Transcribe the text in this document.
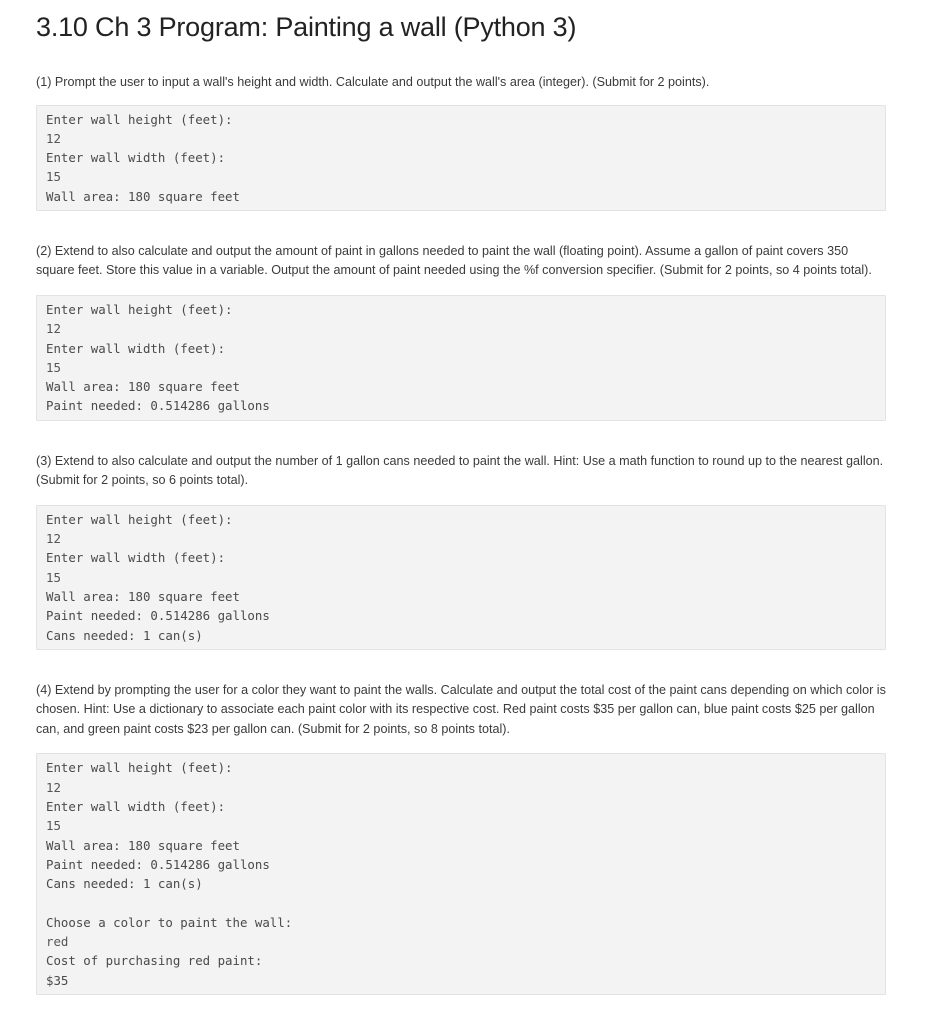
3.10 Ch 3 Program: Painting a wall (Python 3)

(1) Prompt the user to input a wall's height and width. Calculate and output the wall's area (integer). (Submit for 2 points).

Enter wall height (feet):
12
Enter wall width (feet):
15
Wall area: 180 square feet

(2) Extend to also calculate and output the amount of paint in gallons needed to paint the wall (floating point). Assume a gallon of paint covers 350 square feet. Store this value in a variable. Output the amount of paint needed using the %f conversion specifier. (Submit for 2 points, so 4 points total).

Enter wall height (feet):
12
Enter wall width (feet):
15
Wall area: 180 square feet
Paint needed: 0.514286 gallons

(3) Extend to also calculate and output the number of 1 gallon cans needed to paint the wall. Hint: Use a math function to round up to the nearest gallon. (Submit for 2 points, so 6 points total).

Enter wall height (feet):
12
Enter wall width (feet):
15
Wall area: 180 square feet
Paint needed: 0.514286 gallons
Cans needed: 1 can(s)

(4) Extend by prompting the user for a color they want to paint the walls. Calculate and output the total cost of the paint cans depending on which color is chosen. Hint: Use a dictionary to associate each paint color with its respective cost. Red paint costs $35 per gallon can, blue paint costs $25 per gallon can, and green paint costs $23 per gallon can. (Submit for 2 points, so 8 points total).

Enter wall height (feet):
12
Enter wall width (feet):
15
Wall area: 180 square feet
Paint needed: 0.514286 gallons
Cans needed: 1 can(s)
Choose a color to paint the wall:
red
Cost of purchasing red paint:
$35
